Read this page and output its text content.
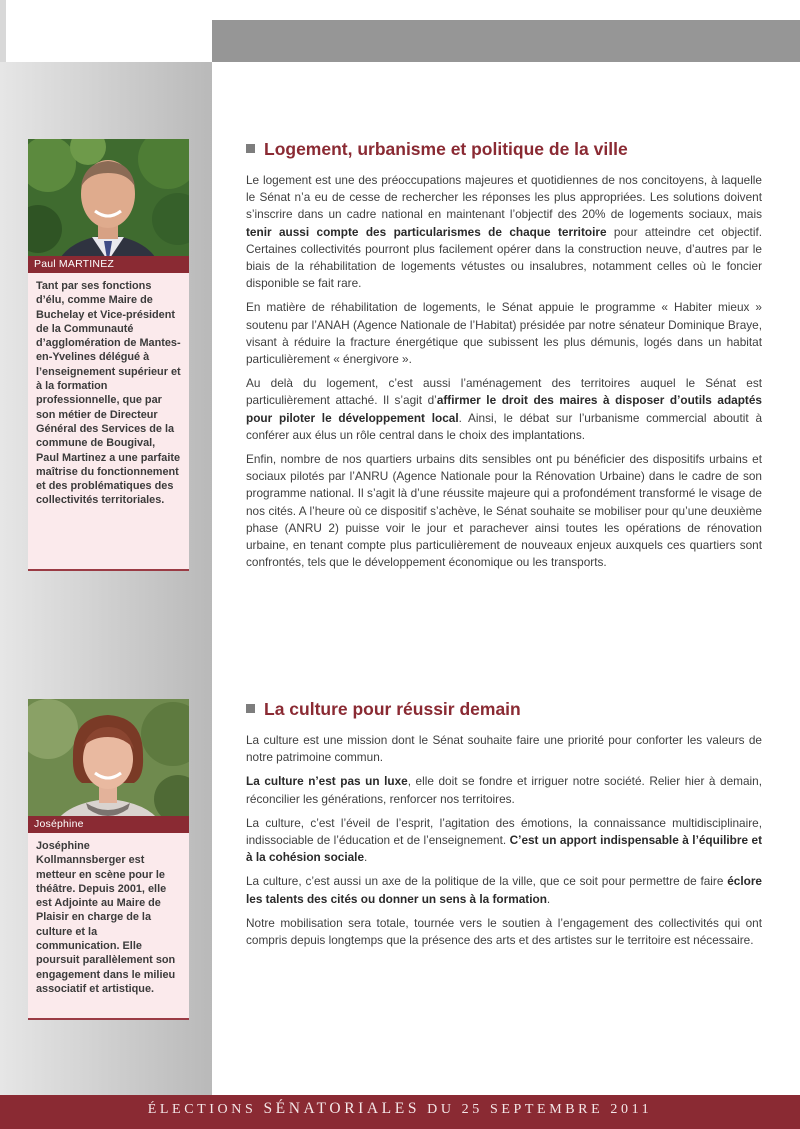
Paul MARTINEZ
Tant par ses fonctions d’élu, comme Maire de Buchelay et Vice-président de la Communauté d’agglomération de Mantes-en-Yvelines délégué à l’enseignement supérieur et à la formation professionnelle, que par son métier de Directeur Général des Services de la commune de Bougival, Paul Martinez a une parfaite maîtrise du fonctionnement et des problématiques des collectivités territoriales.
Joséphine
Joséphine Kollmannsberger est metteur en scène pour le théâtre. Depuis 2001, elle est Adjointe au Maire de Plaisir en charge de la culture et la communication. Elle poursuit parallèlement son engagement dans le milieu associatif et artistique.
Logement, urbanisme et politique de la ville

Le logement est une des préoccupations majeures et quotidiennes de nos concitoyens, à laquelle le Sénat n’a eu de cesse de rechercher les réponses les plus appropriées. Les solutions doivent s’inscrire dans un cadre national en maintenant l’objectif des 20% de logements sociaux, mais tenir aussi compte des particularismes de chaque territoire pour atteindre cet objectif. Certaines collectivités pourront plus facilement opérer dans la construction neuve, d’autres par le biais de la réhabilitation de logements vétustes ou insalubres, notamment celles où le foncier disponible se fait rare.

En matière de réhabilitation de logements, le Sénat appuie le programme « Habiter mieux » soutenu par l’ANAH (Agence Nationale de l’Habitat) présidée par notre sénateur Dominique Braye, visant à réduire la fracture énergétique que subissent les plus démunis, logés dans un habitat particulièrement « énergivore ».

Au delà du logement, c’est aussi l’aménagement des territoires auquel le Sénat est particulièrement attaché. Il s’agit d’affirmer le droit des maires à disposer d’outils adaptés pour piloter le développement local. Ainsi, le débat sur l’urbanisme commercial aboutit à conférer aux élus un rôle central dans le choix des implantations.

Enfin, nombre de nos quartiers urbains dits sensibles ont pu bénéficier des dispositifs urbains et sociaux pilotés par l’ANRU (Agence Nationale pour la Rénovation Urbaine) dans le cadre de son programme national. Il s’agit là d’une réussite majeure qui a profondément transformé le visage de nos cités. A l’heure où ce dispositif s’achève, le Sénat souhaite se mobiliser pour qu’une deuxième phase (ANRU 2) puisse voir le jour et parachever ainsi toutes les opérations de rénovation urbaine, en tenant compte plus particulièrement de nouveaux enjeux auxquels ces quartiers sont confrontés, tels que le développement économique ou les transports.

La culture pour réussir demain

La culture est une mission dont le Sénat souhaite faire une priorité pour conforter les valeurs de notre patrimoine commun.

La culture n’est pas un luxe, elle doit se fondre et irriguer notre société. Relier hier à demain, réconcilier les générations, renforcer nos territoires.

La culture, c’est l’éveil de l’esprit, l’agitation des émotions, la connaissance multidisciplinaire, indissociable de l’éducation et de l’enseignement. C’est un apport indispensable à l’équilibre et à la cohésion sociale.

La culture, c’est aussi un axe de la politique de la ville, que ce soit pour permettre de faire éclore les talents des cités ou donner un sens à la formation.

Notre mobilisation sera totale, tournée vers le soutien à l’engagement des collectivités qui ont compris depuis longtemps que la présence des arts et des artistes sur le territoire est nécessaire.

ÉLECTIONS SÉNATORIALES DU 25 SEPTEMBRE 2011
